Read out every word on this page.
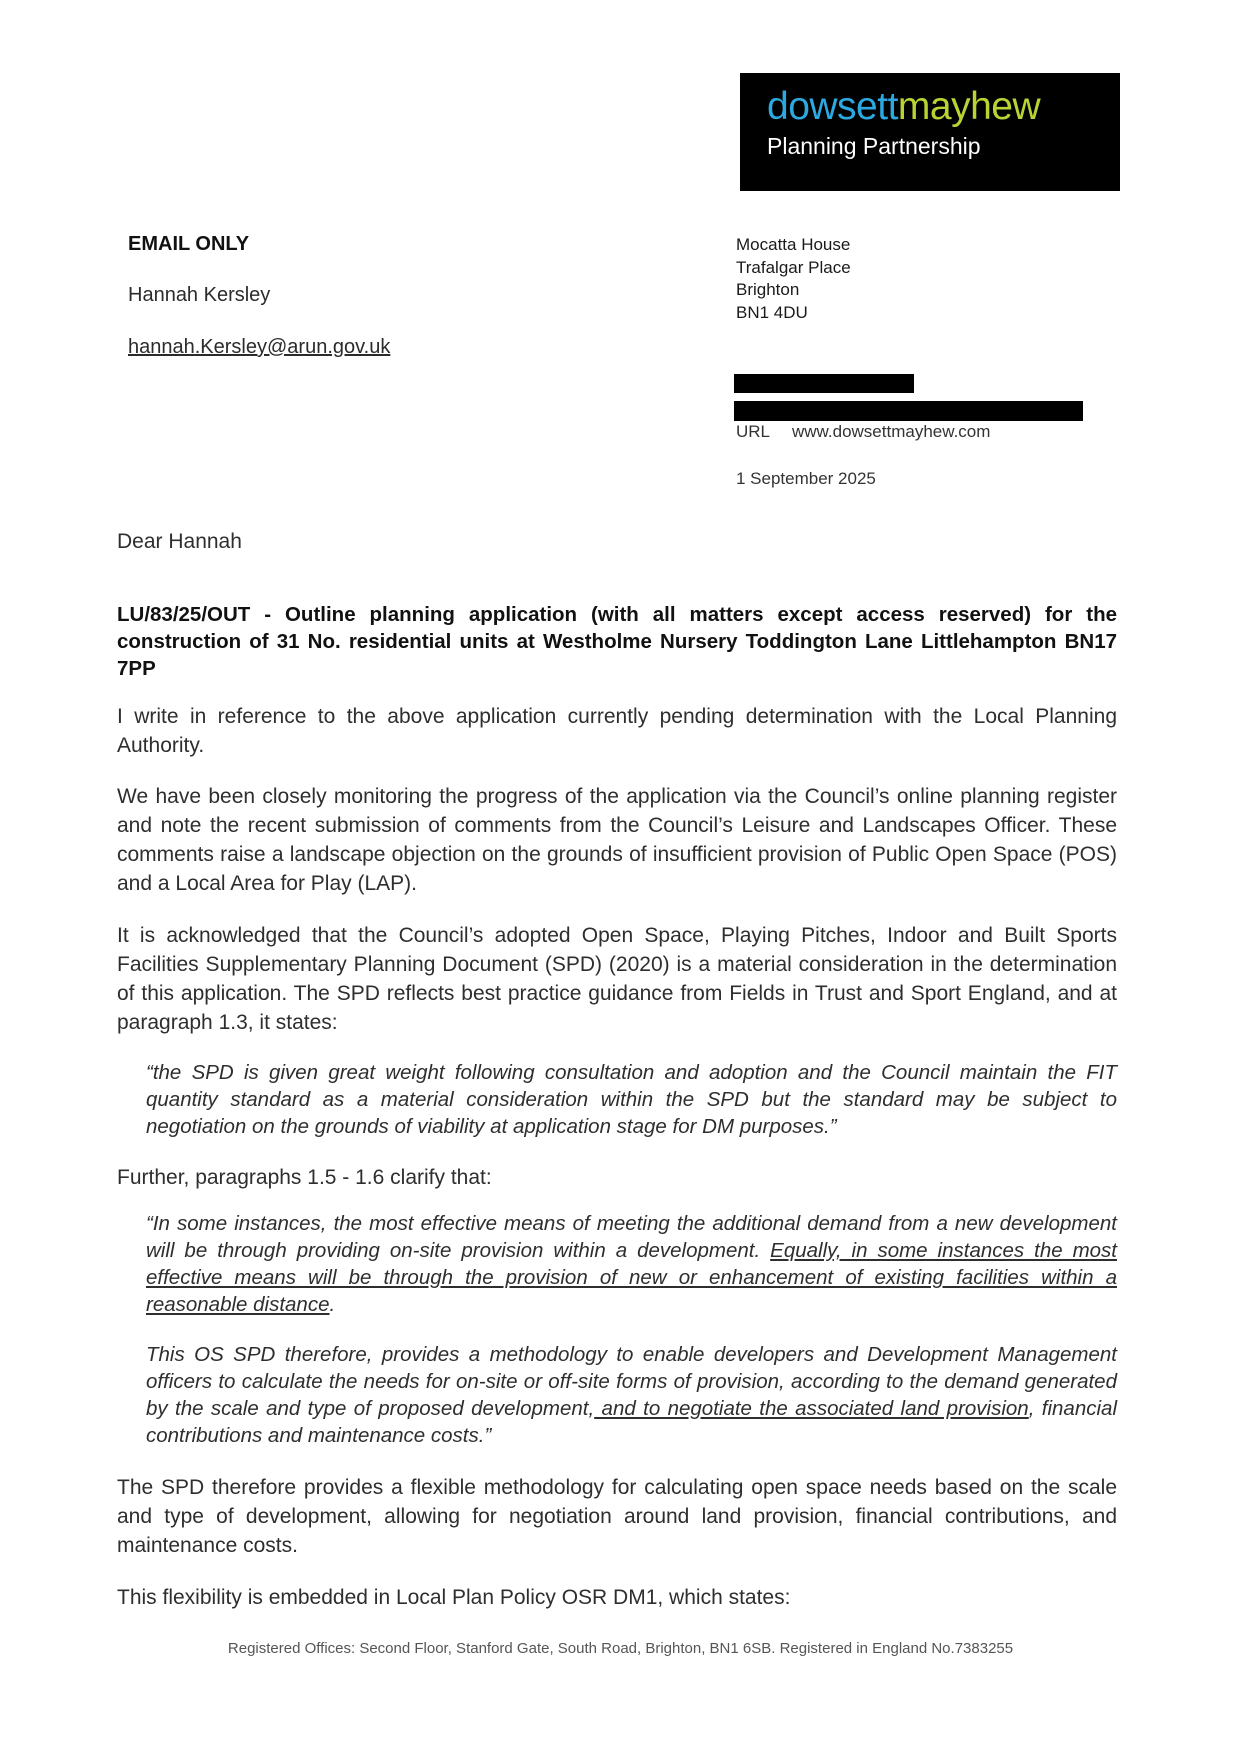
dowsettmayhew
Planning Partnership
EMAIL ONLY
Hannah Kersley
hannah.Kersley@arun.gov.uk
Mocatta House
Trafalgar Place
Brighton
BN1 4DU
URL www.dowsettmayhew.com
1 September 2025
Dear Hannah
LU/83/25/OUT - Outline planning application (with all matters except access reserved) for the construction of 31 No. residential units at Westholme Nursery Toddington Lane Littlehampton BN17 7PP
I write in reference to the above application currently pending determination with the Local Planning Authority.
We have been closely monitoring the progress of the application via the Council’s online planning register and note the recent submission of comments from the Council’s Leisure and Landscapes Officer. These comments raise a landscape objection on the grounds of insufficient provision of Public Open Space (POS) and a Local Area for Play (LAP).
It is acknowledged that the Council’s adopted Open Space, Playing Pitches, Indoor and Built Sports Facilities Supplementary Planning Document (SPD) (2020) is a material consideration in the determination of this application. The SPD reflects best practice guidance from Fields in Trust and Sport England, and at paragraph 1.3, it states:
“the SPD is given great weight following consultation and adoption and the Council maintain the FIT quantity standard as a material consideration within the SPD but the standard may be subject to negotiation on the grounds of viability at application stage for DM purposes.”
Further, paragraphs 1.5 - 1.6 clarify that:
“In some instances, the most effective means of meeting the additional demand from a new development will be through providing on-site provision within a development. Equally, in some instances the most effective means will be through the provision of new or enhancement of existing facilities within a reasonable distance.
This OS SPD therefore, provides a methodology to enable developers and Development Management officers to calculate the needs for on-site or off-site forms of provision, according to the demand generated by the scale and type of proposed development, and to negotiate the associated land provision, financial contributions and maintenance costs.”
The SPD therefore provides a flexible methodology for calculating open space needs based on the scale and type of development, allowing for negotiation around land provision, financial contributions, and maintenance costs.
This flexibility is embedded in Local Plan Policy OSR DM1, which states:
Registered Offices: Second Floor, Stanford Gate, South Road, Brighton, BN1 6SB. Registered in England No.7383255
